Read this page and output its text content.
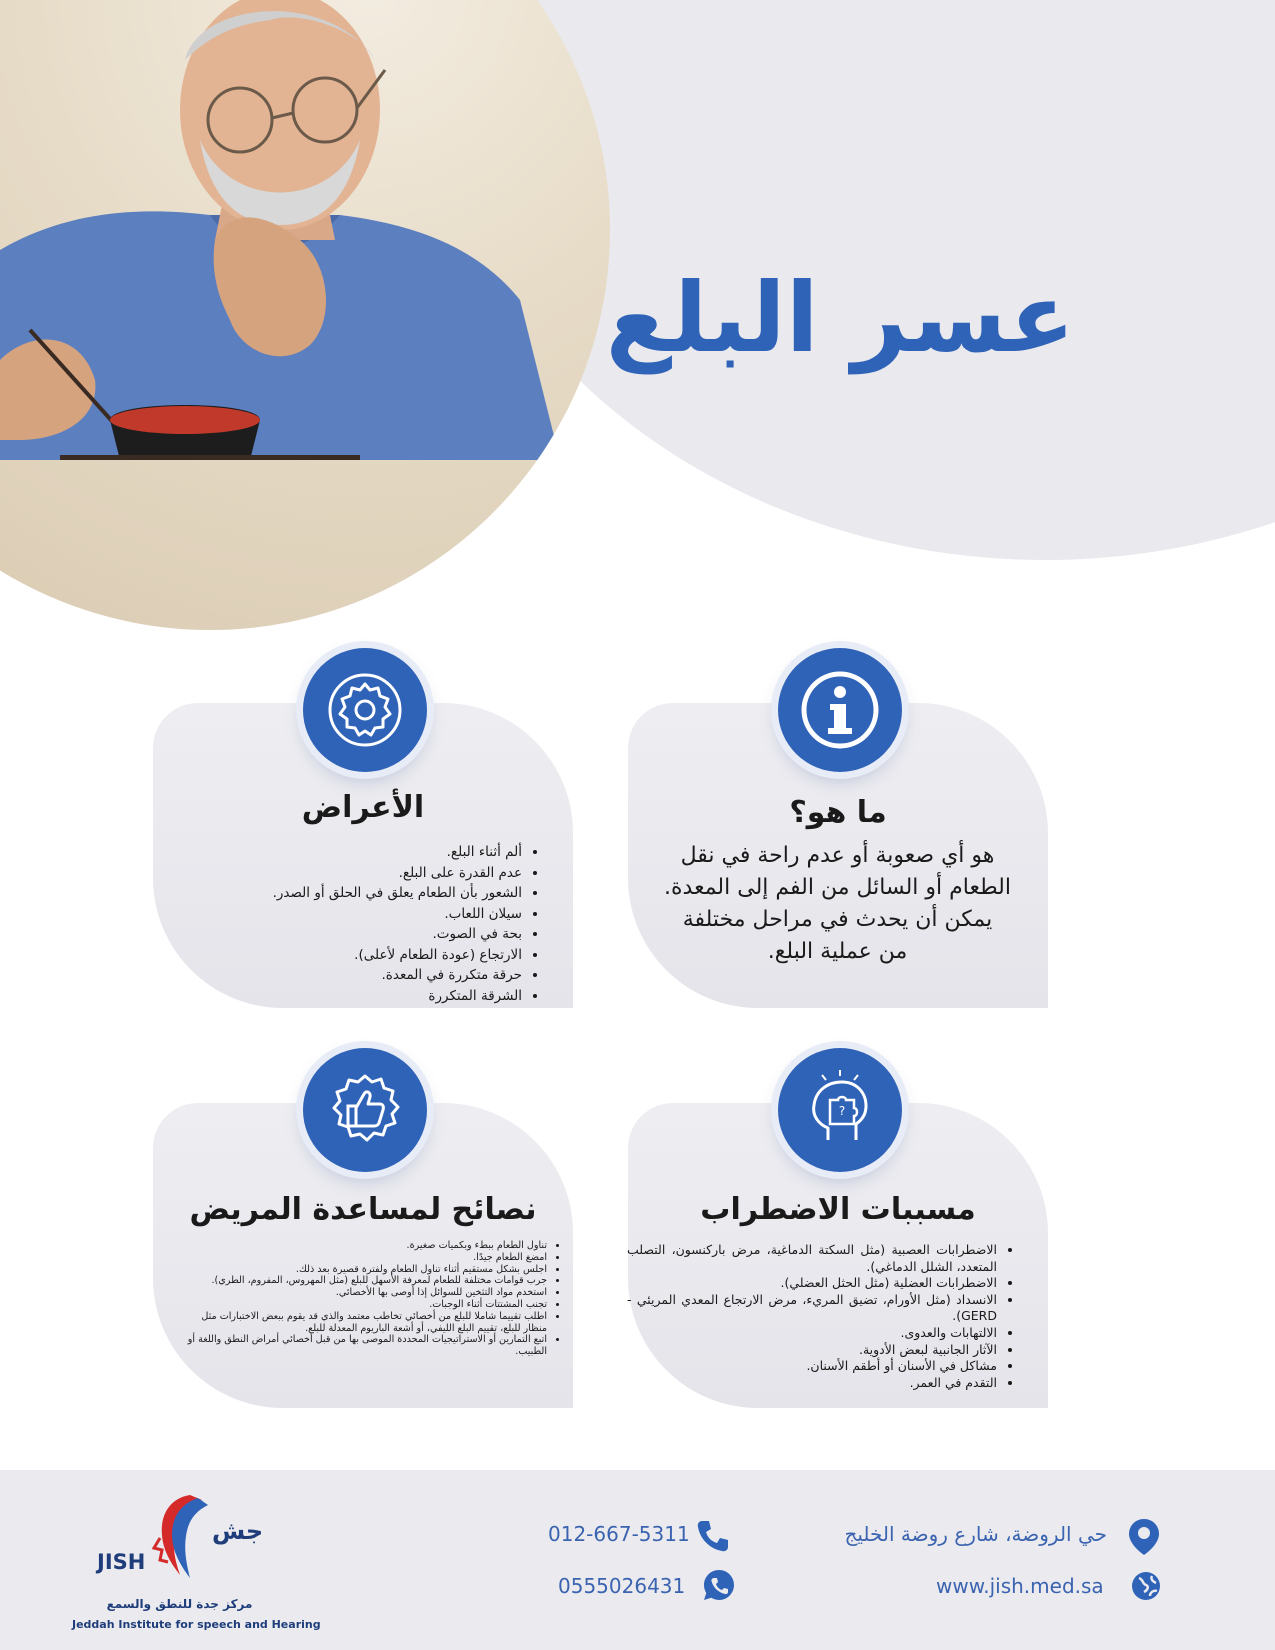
عسر البلع
ما هو؟
هو أي صعوبة أو عدم راحة في نقل
الطعام أو السائل من الفم إلى المعدة.
يمكن أن يحدث في مراحل مختلفة
من عملية البلع.
الأعراض
• ألم أثناء البلع.
• عدم القدرة على البلع.
• الشعور بأن الطعام يعلق في الحلق أو الصدر.
• سيلان اللعاب.
• بحة في الصوت.
• الارتجاع (عودة الطعام لأعلى).
• حرقة متكررة في المعدة.
• الشرقة المتكررة
?
مسببات الاضطراب
• الاضطرابات العصبية (مثل السكتة الدماغية، مرض باركنسون، التصلب المتعدد، الشلل الدماغي).
• الاضطرابات العضلية (مثل الحثل العضلي).
• الانسداد (مثل الأورام، تضيق المريء، مرض الارتجاع المعدي المريئي - GERD).
• الالتهابات والعدوى.
• الآثار الجانبية لبعض الأدوية.
• مشاكل في الأسنان أو أطقم الأسنان.
• التقدم في العمر.
نصائح لمساعدة المريض
• تناول الطعام ببطء وبكميات صغيرة.
• امضغ الطعام جيدًا.
• اجلس بشكل مستقيم أثناء تناول الطعام ولفترة قصيرة بعد ذلك.
• جرب قوامات مختلفة للطعام لمعرفة الأسهل للبلع (مثل المهروس، المفروم، الطري).
• استخدم مواد التثخين للسوائل إذا أوصى بها الأخصائي.
• تجنب المشتتات أثناء الوجبات.
• اطلب تقييما شاملا للبلع من أخصائي تخاطب معتمد والذي قد يقوم ببعض الاختبارات مثل منظار للبلع، تقييم البلع الليفي، أو أشعة الباريوم المعدلة للبلع.
• اتبع التمارين أو الاستراتيجيات المحددة الموصى بها من قبل أخصائي أمراض النطق واللغة أو الطبيب.
حي الروضة، شارع روضة الخليج
www.jish.med.sa
012-667-5311
0555026431
جش
JISH
مركز جدة للنطق والسمع
Jeddah Institute for speech and Hearing
